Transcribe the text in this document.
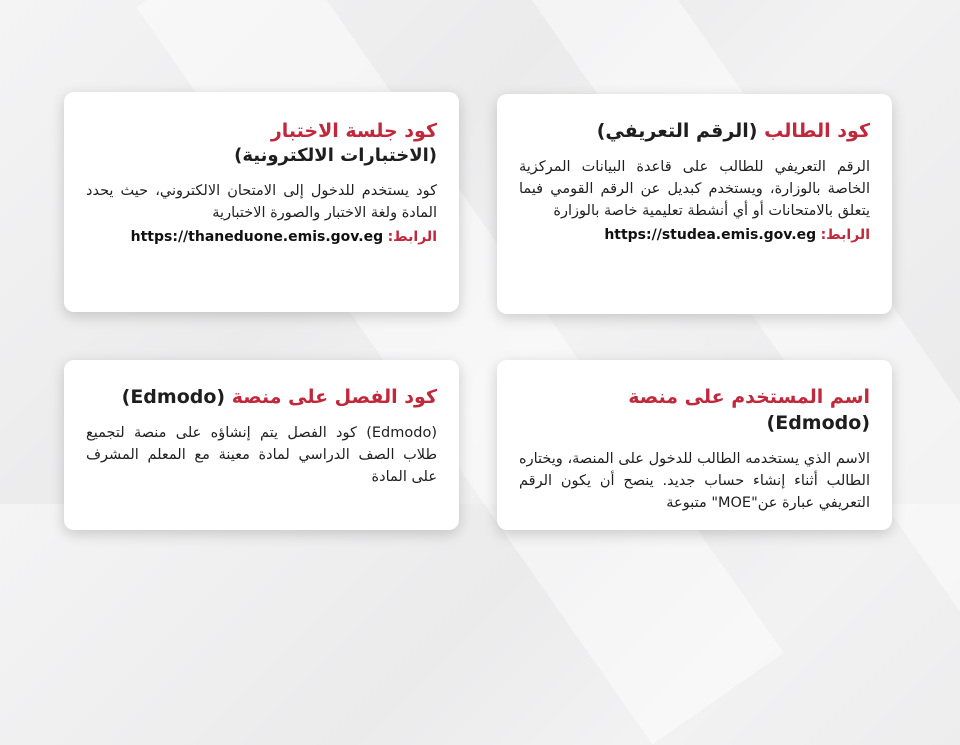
كود الطالب (الرقم التعريفي)
الرقم التعريفي للطالب على قاعدة البيانات المركزية الخاصة بالوزارة، ويستخدم كبديل عن الرقم القومي فيما يتعلق بالامتحانات أو أي أنشطة تعليمية خاصة بالوزارة
الرابط: https://studea.emis.gov.eg
كود جلسة الاختبار
(الاختبارات الالكترونية)
كود يستخدم للدخول إلى الامتحان الالكتروني، حيث يحدد المادة ولغة الاختبار والصورة الاختبارية
الرابط: https://thaneduone.emis.gov.eg
اسم المستخدم على منصة (Edmodo)
الاسم الذي يستخدمه الطالب للدخول على المنصة، ويختاره الطالب أثناء إنشاء حساب جديد. ينصح أن يكون الرقم التعريفي عبارة عن"MOE" متبوعة
كود الفصل على منصة (Edmodo)
(Edmodo) كود الفصل يتم إنشاؤه على منصة لتجميع طلاب الصف الدراسي لمادة معينة مع المعلم المشرف على المادة
